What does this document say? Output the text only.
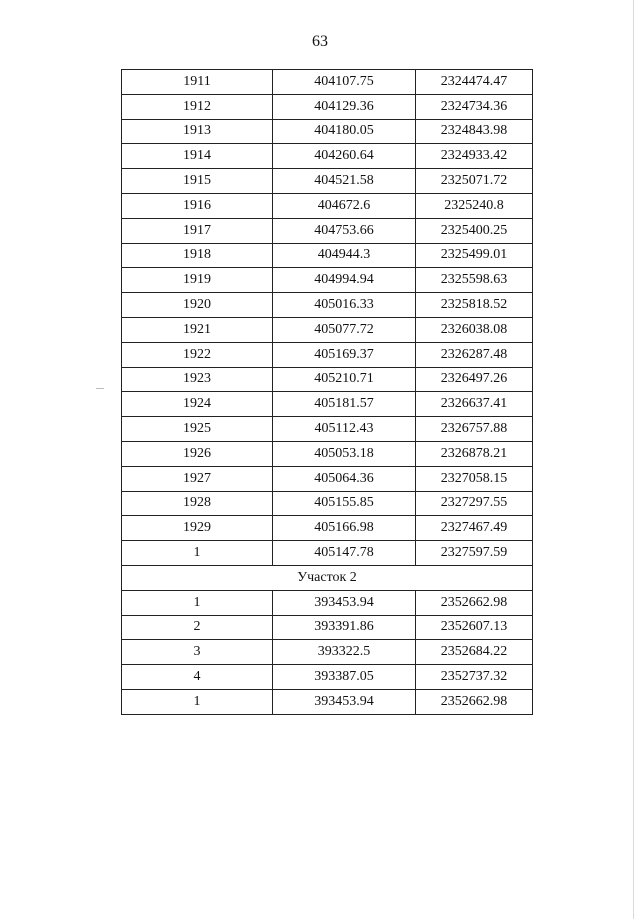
63
1911	404107.75	2324474.47
1912	404129.36	2324734.36
1913	404180.05	2324843.98
1914	404260.64	2324933.42
1915	404521.58	2325071.72
1916	404672.6	2325240.8
1917	404753.66	2325400.25
1918	404944.3	2325499.01
1919	404994.94	2325598.63
1920	405016.33	2325818.52
1921	405077.72	2326038.08
1922	405169.37	2326287.48
1923	405210.71	2326497.26
1924	405181.57	2326637.41
1925	405112.43	2326757.88
1926	405053.18	2326878.21
1927	405064.36	2327058.15
1928	405155.85	2327297.55
1929	405166.98	2327467.49
1	405147.78	2327597.59
Участок 2		
1	393453.94	2352662.98
2	393391.86	2352607.13
3	393322.5	2352684.22
4	393387.05	2352737.32
1	393453.94	2352662.98
